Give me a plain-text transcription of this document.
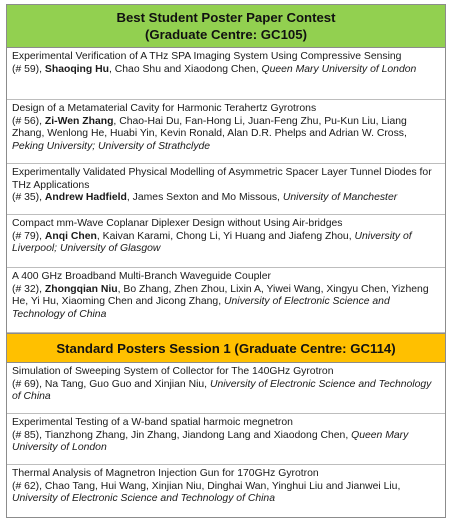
Best Student Poster Paper Contest
(Graduate Centre: GC105)
Experimental Verification of A THz SPA Imaging System Using Compressive Sensing
(# 59), Shaoqing Hu, Chao Shu and Xiaodong Chen, Queen Mary University of London
Design of a Metamaterial Cavity for Harmonic Terahertz Gyrotrons
(# 56), Zi-Wen Zhang, Chao-Hai Du, Fan-Hong Li, Juan-Feng Zhu, Pu-Kun Liu, Liang Zhang, Wenlong He, Huabi Yin, Kevin Ronald, Alan D.R. Phelps and Adrian W. Cross, Peking University; University of Strathclyde
Experimentally Validated Physical Modelling of Asymmetric Spacer Layer Tunnel Diodes for THz Applications
(# 35), Andrew Hadfield, James Sexton and Mo Missous, University of Manchester
Compact mm-Wave Coplanar Diplexer Design without Using Air-bridges
(# 79), Anqi Chen, Kaivan Karami, Chong Li, Yi Huang and Jiafeng Zhou, University of Liverpool; University of Glasgow
A 400 GHz Broadband Multi-Branch Waveguide Coupler
(# 32), Zhongqian Niu, Bo Zhang, Zhen Zhou, Lixin A, Yiwei Wang, Xingyu Chen, Yizheng He, Yi Hu, Xiaoming Chen and Jicong Zhang, University of Electronic Science and Technology of China
Standard Posters Session 1 (Graduate Centre: GC114)
Simulation of Sweeping System of Collector for The 140GHz Gyrotron
(# 69), Na Tang, Guo Guo and Xinjian Niu, University of Electronic Science and Technology of China
Experimental Testing of a W-band spatial harmoic megnetron
(# 85), Tianzhong Zhang, Jin Zhang, Jiandong Lang and Xiaodong Chen, Queen Mary University of London
Thermal Analysis of Magnetron Injection Gun for 170GHz Gyrotron
(# 62), Chao Tang, Hui Wang, Xinjian Niu, Dinghai Wan, Yinghui Liu and Jianwei Liu, University of Electronic Science and Technology of China
